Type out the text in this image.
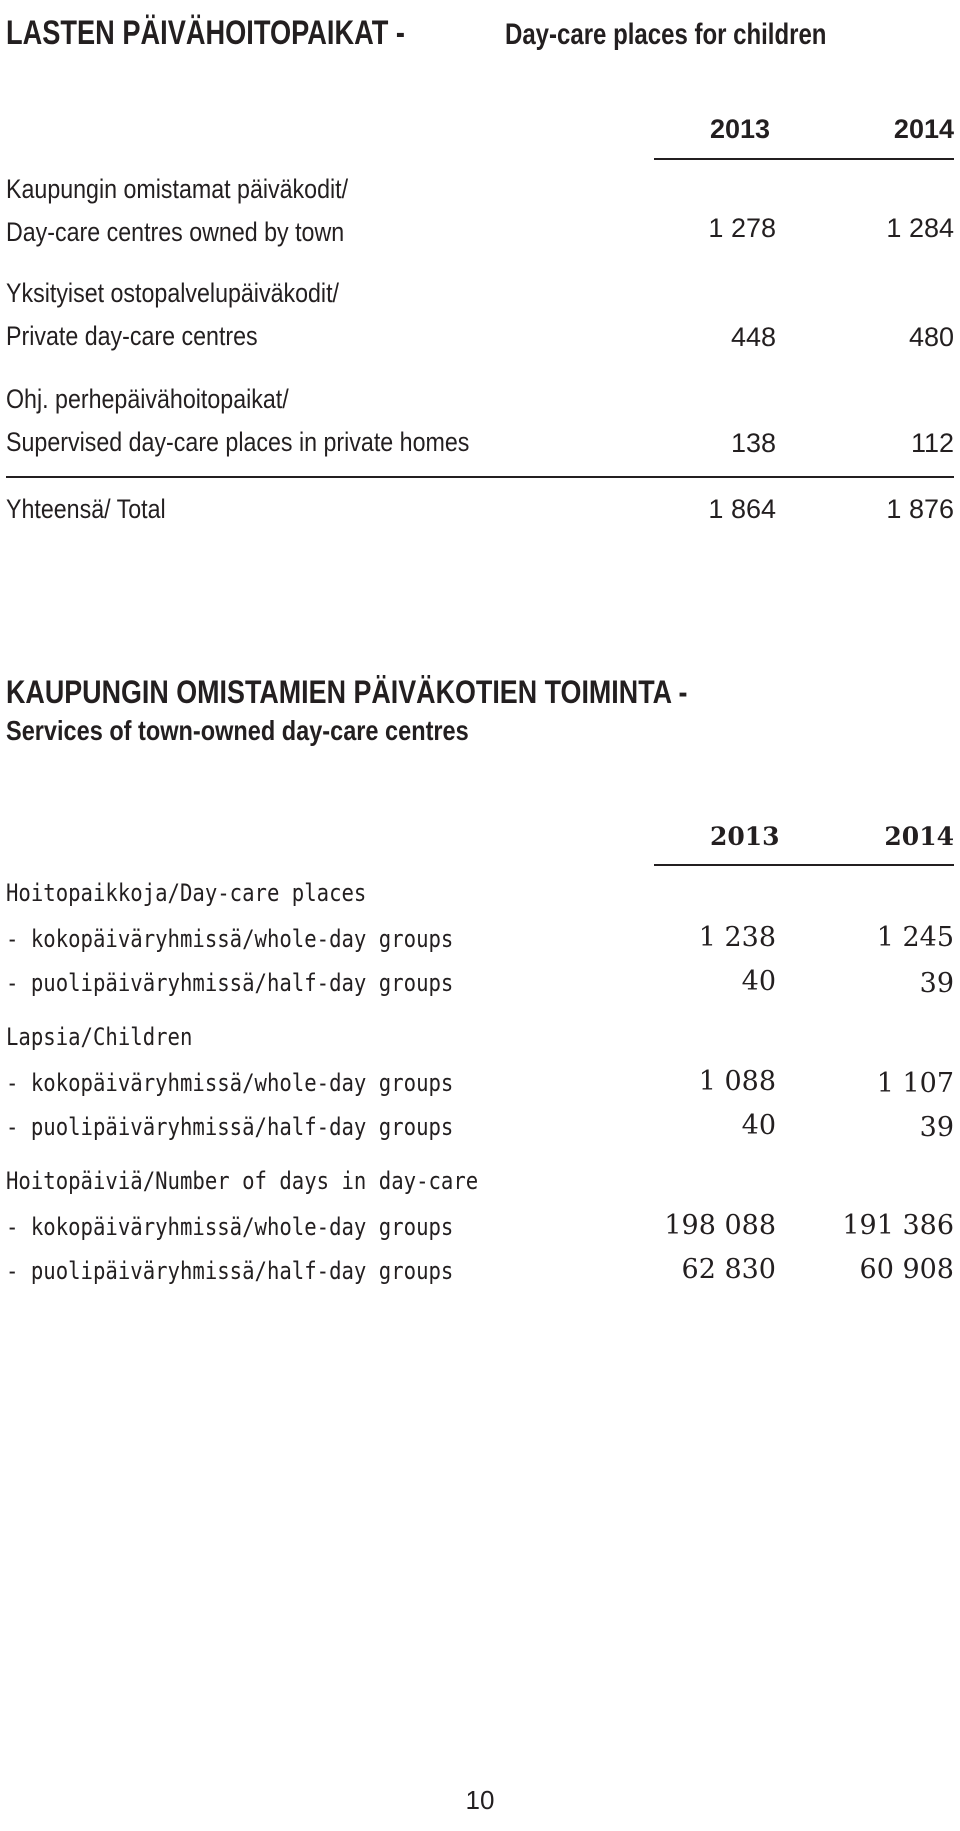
LASTEN PÄIVÄHOITOPAIKAT -	Day-care places for children
2013	2014
Kaupungin omistamat päiväkodit/
Day-care centres owned by town	1 278	1 284
Yksityiset ostopalvelupäiväkodit/
Private day-care centres	448	480
Ohj. perhepäivähoitopaikat/
Supervised day-care places in private homes	138	112
Yhteensä/ Total	1 864	1 876
KAUPUNGIN OMISTAMIEN PÄIVÄKOTIEN TOIMINTA -
Services of town-owned day-care centres
2013	2014
Hoitopaikkoja/Day-care places
- kokopäiväryhmissä/whole-day groups	1 238	1 245
- puolipäiväryhmissä/half-day groups	40	39
Lapsia/Children
- kokopäiväryhmissä/whole-day groups	1 088	1 107
- puolipäiväryhmissä/half-day groups	40	39
Hoitopäiviä/Number of days in day-care
- kokopäiväryhmissä/whole-day groups	198 088	191 386
- puolipäiväryhmissä/half-day groups	62 830	60 908
10
